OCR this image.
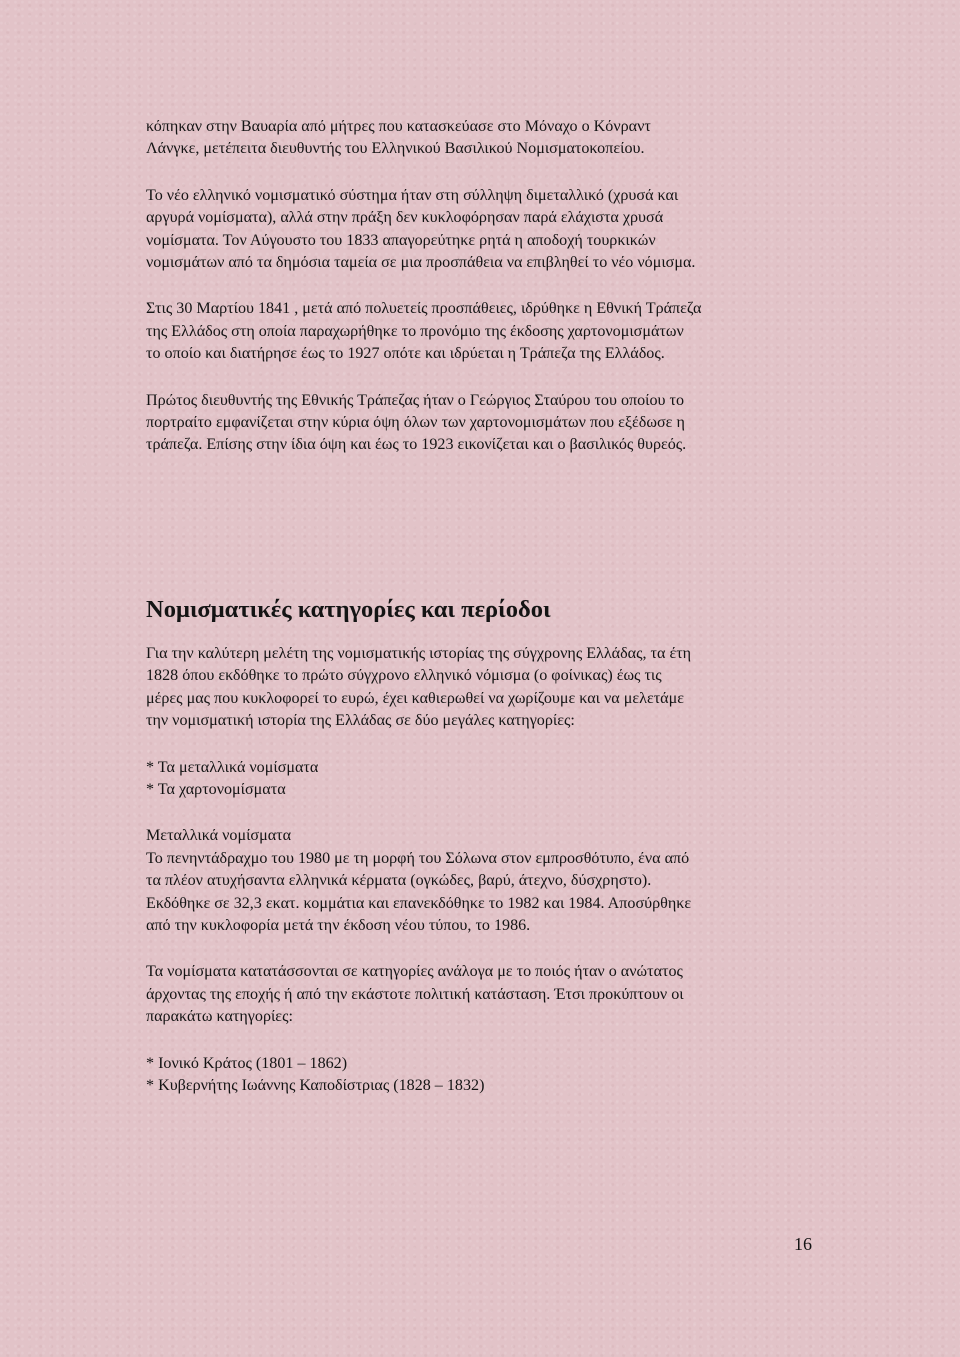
κόπηκαν στην Βαυαρία από μήτρες που κατασκεύασε στο Μόναχο ο Κόνραντ
Λάνγκε, μετέπειτα διευθυντής του Ελληνικού Βασιλικού Νομισματοκοπείου.

Το νέο ελληνικό νομισματικό σύστημα ήταν στη σύλληψη διμεταλλικό (χρυσά και
αργυρά νομίσματα), αλλά στην πράξη δεν κυκλοφόρησαν παρά ελάχιστα χρυσά
νομίσματα. Τον Αύγουστο του 1833 απαγορεύτηκε ρητά η αποδοχή τουρκικών
νομισμάτων από τα δημόσια ταμεία σε μια προσπάθεια να επιβληθεί το νέο νόμισμα.

Στις 30 Μαρτίου 1841 , μετά από πολυετείς προσπάθειες, ιδρύθηκε η Εθνική Τράπεζα
της Ελλάδος στη οποία παραχωρήθηκε το προνόμιο της έκδοσης χαρτονομισμάτων
το οποίο και διατήρησε έως το 1927 οπότε και ιδρύεται η Τράπεζα της Ελλάδος.

Πρώτος διευθυντής της Εθνικής Τράπεζας ήταν ο Γεώργιος Σταύρου του οποίου το
πορτραίτο εμφανίζεται στην κύρια όψη όλων των χαρτονομισμάτων που εξέδωσε η
τράπεζα. Επίσης στην ίδια όψη και έως το 1923 εικονίζεται και ο βασιλικός θυρεός.

Νομισματικές κατηγορίες και περίοδοι

Για την καλύτερη μελέτη της νομισματικής ιστορίας της σύγχρονης Ελλάδας, τα έτη
1828 όπου εκδόθηκε το πρώτο σύγχρονο ελληνικό νόμισμα (ο φοίνικας) έως τις
μέρες μας που κυκλοφορεί το ευρώ, έχει καθιερωθεί να χωρίζουμε και να μελετάμε
την νομισματική ιστορία της Ελλάδας σε δύο μεγάλες κατηγορίες:

* Τα μεταλλικά νομίσματα
* Τα χαρτονομίσματα

Μεταλλικά νομίσματα
Το πενηντάδραχμο του 1980 με τη μορφή του Σόλωνα στον εμπροσθότυπο, ένα από
τα πλέον ατυχήσαντα ελληνικά κέρματα (ογκώδες, βαρύ, άτεχνο, δύσχρηστο).
Εκδόθηκε σε 32,3 εκατ. κομμάτια και επανεκδόθηκε το 1982 και 1984. Αποσύρθηκε
από την κυκλοφορία μετά την έκδοση νέου τύπου, το 1986.

Τα νομίσματα κατατάσσονται σε κατηγορίες ανάλογα με το ποιός ήταν ο ανώτατος
άρχοντας της εποχής ή από την εκάστοτε πολιτική κατάσταση. Έτσι προκύπτουν οι
παρακάτω κατηγορίες:

* Ιονικό Κράτος (1801 – 1862)
* Κυβερνήτης Ιωάννης Καποδίστριας (1828 – 1832)

16
